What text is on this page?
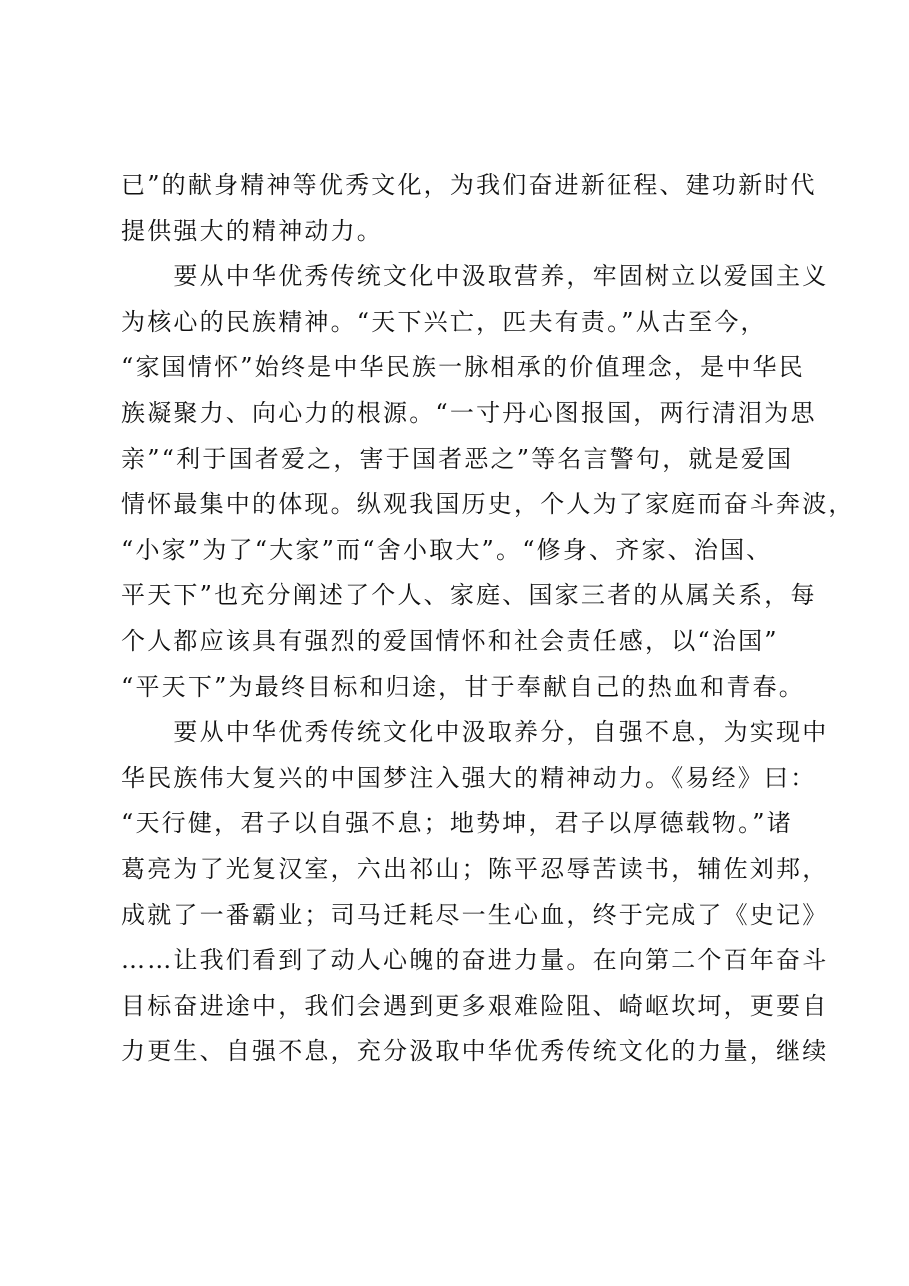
已”的献身精神等优秀文化，为我们奋进新征程、建功新时代
提供强大的精神动力。
　　要从中华优秀传统文化中汲取营养，牢固树立以爱国主义
为核心的民族精神。“天下兴亡，匹夫有责。”从古至今，
“家国情怀”始终是中华民族一脉相承的价值理念，是中华民
族凝聚力、向心力的根源。“一寸丹心图报国，两行清泪为思
亲”“利于国者爱之，害于国者恶之”等名言警句，就是爱国
情怀最集中的体现。纵观我国历史，个人为了家庭而奋斗奔波，
“小家”为了“大家”而“舍小取大”。“修身、齐家、治国、
平天下”也充分阐述了个人、家庭、国家三者的从属关系，每
个人都应该具有强烈的爱国情怀和社会责任感，以“治国”
“平天下”为最终目标和归途，甘于奉献自己的热血和青春。
　　要从中华优秀传统文化中汲取养分，自强不息，为实现中
华民族伟大复兴的中国梦注入强大的精神动力。《易经》曰：
“天行健，君子以自强不息；地势坤，君子以厚德载物。”诸
葛亮为了光复汉室，六出祁山；陈平忍辱苦读书，辅佐刘邦，
成就了一番霸业；司马迁耗尽一生心血，终于完成了《史记》
……让我们看到了动人心魄的奋进力量。在向第二个百年奋斗
目标奋进途中，我们会遇到更多艰难险阻、崎岖坎坷，更要自
力更生、自强不息，充分汲取中华优秀传统文化的力量，继续
